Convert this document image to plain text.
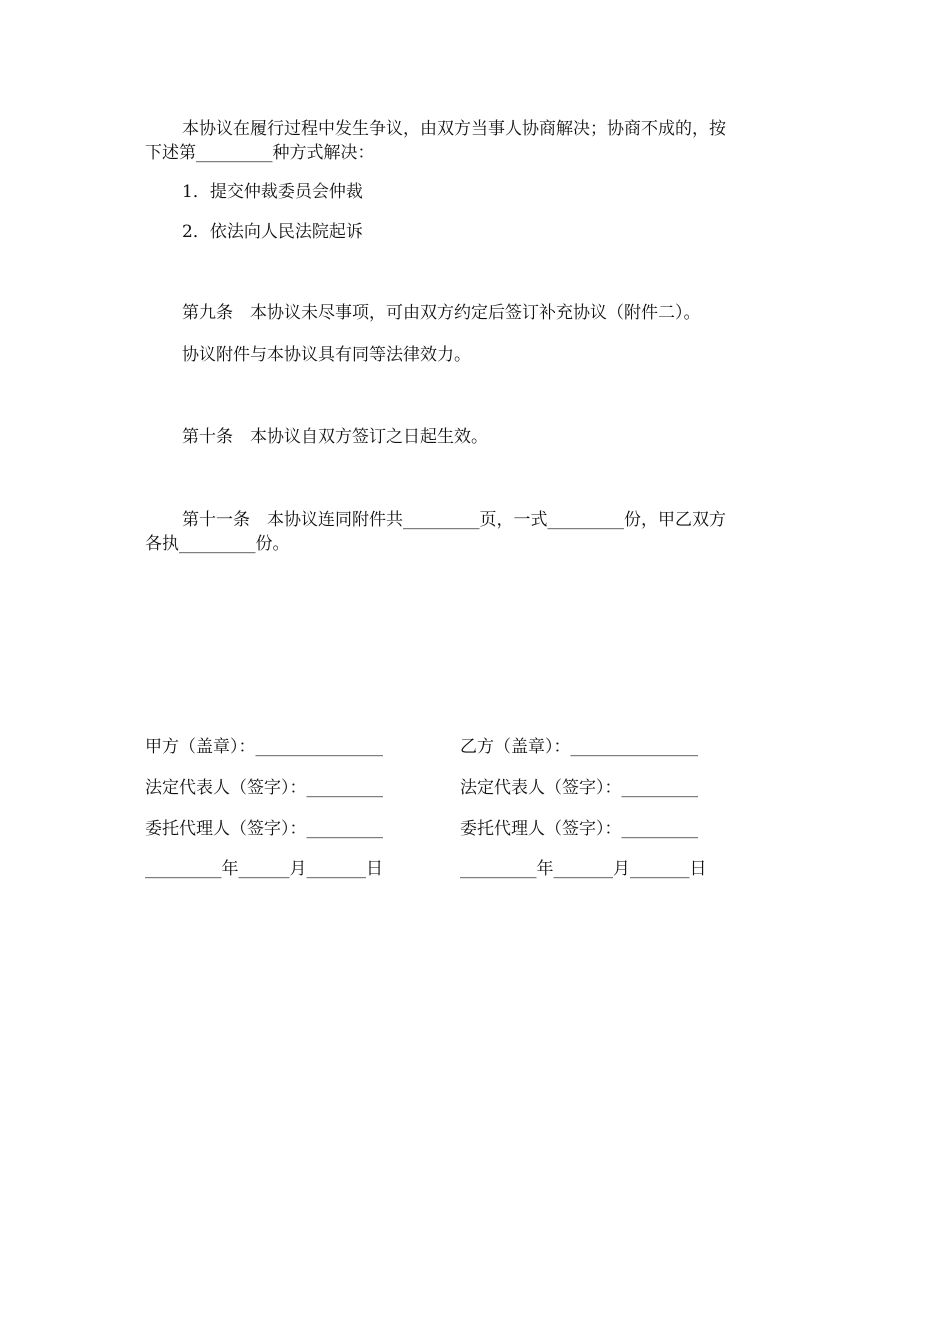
本协议在履行过程中发生争议，由双方当事人协商解决；协商不成的，按
下述第_________种方式解决：
1．提交仲裁委员会仲裁
2．依法向人民法院起诉
第九条　本协议未尽事项，可由双方约定后签订补充协议（附件二）。
协议附件与本协议具有同等法律效力。
第十条　本协议自双方签订之日起生效。
第十一条　本协议连同附件共_________页，一式_________份，甲乙双方
各执_________份。
甲方（盖章）：_______________
法定代表人（签字）：_________
委托代理人（签字）：_________
_________年______月_______日
乙方（盖章）：_______________
法定代表人（签字）：_________
委托代理人（签字）：_________
_________年_______月_______日
